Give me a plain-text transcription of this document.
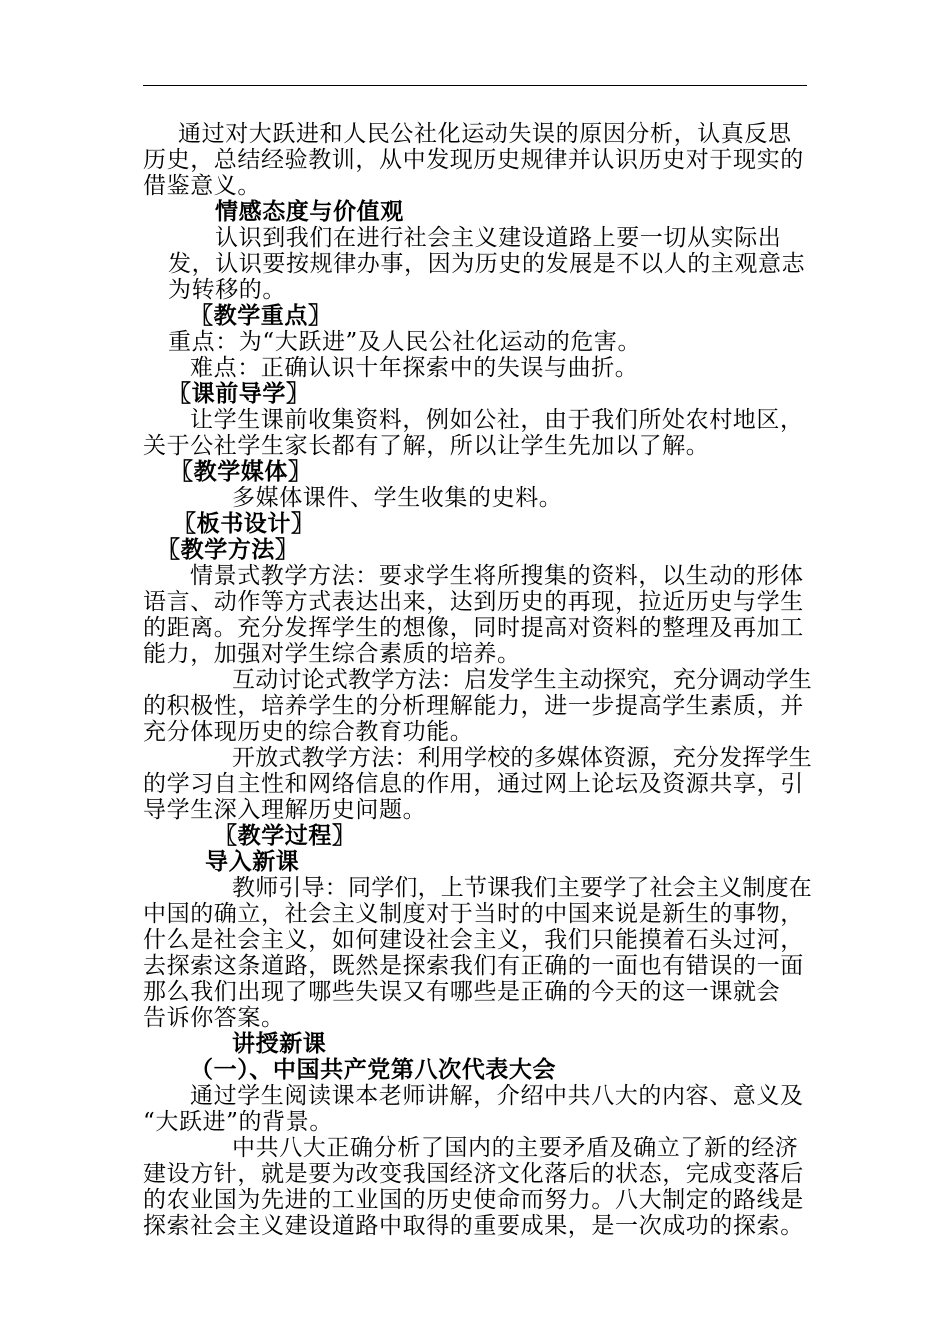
通过对大跃进和人民公社化运动失误的原因分析，认真反思
历史，总结经验教训，从中发现历史规律并认识历史对于现实的
借鉴意义。
情感态度与价值观
认识到我们在进行社会主义建设道路上要一切从实际出
发，认识要按规律办事，因为历史的发展是不以人的主观意志
为转移的。
〖教学重点〗
重点：为“大跃进”及人民公社化运动的危害。
难点：正确认识十年探索中的失误与曲折。
〖课前导学〗
让学生课前收集资料，例如公社，由于我们所处农村地区，
关于公社学生家长都有了解，所以让学生先加以了解。
〖教学媒体〗
多媒体课件、学生收集的史料。
〖板书设计〗
〖教学方法〗
情景式教学方法：要求学生将所搜集的资料，以生动的形体
语言、动作等方式表达出来，达到历史的再现，拉近历史与学生
的距离。充分发挥学生的想像，同时提高对资料的整理及再加工
能力，加强对学生综合素质的培养。
互动讨论式教学方法：启发学生主动探究，充分调动学生
的积极性，培养学生的分析理解能力，进一步提高学生素质，并
充分体现历史的综合教育功能。
开放式教学方法：利用学校的多媒体资源，充分发挥学生
的学习自主性和网络信息的作用，通过网上论坛及资源共享，引
导学生深入理解历史问题。
〖教学过程〗
导入新课
教师引导：同学们，上节课我们主要学了社会主义制度在
中国的确立，社会主义制度对于当时的中国来说是新生的事物，
什么是社会主义，如何建设社会主义，我们只能摸着石头过河，
去探索这条道路，既然是探索我们有正确的一面也有错误的一面
那么我们出现了哪些失误又有哪些是正确的今天的这一课就会
告诉你答案。
讲授新课
（一）、中国共产党第八次代表大会
通过学生阅读课本老师讲解，介绍中共八大的内容、意义及
“大跃进”的背景。
中共八大正确分析了国内的主要矛盾及确立了新的经济
建设方针，就是要为改变我国经济文化落后的状态，完成变落后
的农业国为先进的工业国的历史使命而努力。八大制定的路线是
探索社会主义建设道路中取得的重要成果，是一次成功的探索。
